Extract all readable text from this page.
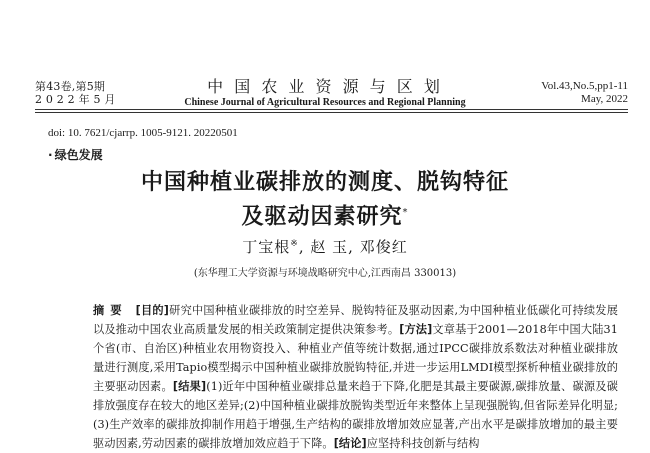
第43卷,第5期
2 0 2 2 年 5 月
中 国 农 业 资 源 与 区 划
Chinese Journal of Agricultural Resources and Regional Planning
Vol.43,No.5,pp1-11
May, 2022
doi: 10. 7621/cjarrp. 1005-9121. 20220501
· 绿色发展
中国种植业碳排放的测度、脱钩特征
及驱动因素研究*
丁宝根※, 赵 玉, 邓俊红
(东华理工大学资源与环境战略研究中心,江西南昌 330013)
摘要 [目的]研究中国种植业碳排放的时空差异、脱钩特征及驱动因素,为中国种植业低碳化可持续发展以及推动中国农业高质量发展的相关政策制定提供决策参考。[方法]文章基于2001—2018年中国大陆31个省(市、自治区)种植业农用物资投入、种植业产值等统计数据,通过IPCC碳排放系数法对种植业碳排放量进行测度,采用Tapio模型揭示中国种植业碳排放脱钩特征,并进一步运用LMDI模型探析种植业碳排放的主要驱动因素。[结果](1)近年中国种植业碳排总量来趋于下降,化肥是其最主要碳源,碳排放量、碳源及碳排放强度存在较大的地区差异;(2)中国种植业碳排放脱钩类型近年来整体上呈现强脱钩,但省际差异化明显;(3)生产效率的碳排放抑制作用趋于增强,生产结构的碳排放增加效应显著,产出水平是碳排放增加的最主要驱动因素,劳动因素的碳排放增加效应趋于下降。[结论]应坚持科技创新与结构
